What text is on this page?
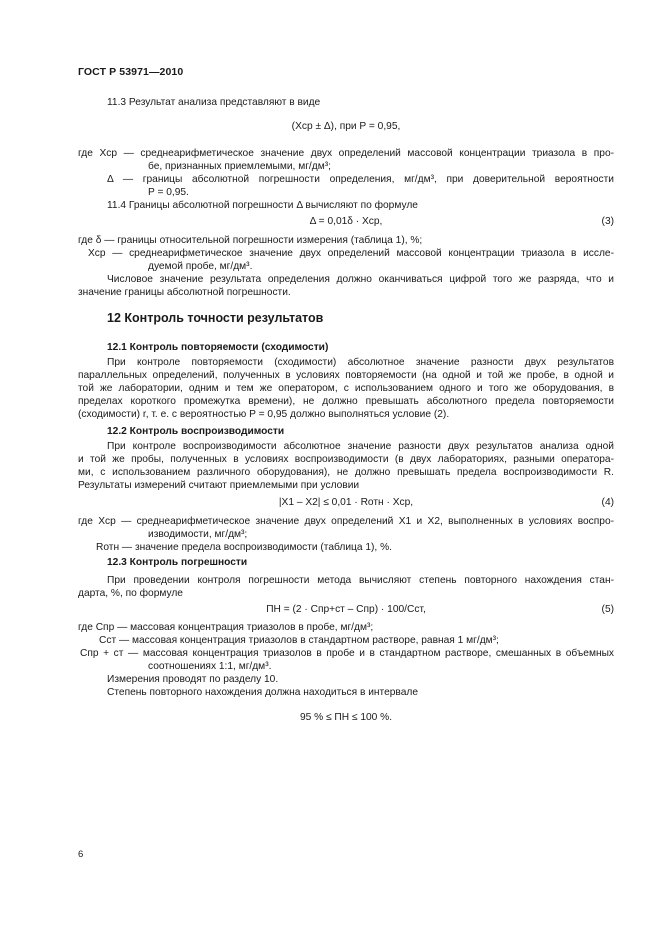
ГОСТ Р 53971—2010
11.3 Результат анализа представляют в виде
(Xср ± Δ), при P = 0,95,
где Xср — среднеарифметическое значение двух определений массовой концентрации триазола в про-
бе, признанных приемлемыми, мг/дм³;
Δ — границы абсолютной погрешности определения, мг/дм³, при доверительной вероятности
P = 0,95.
11.4 Границы абсолютной погрешности Δ вычисляют по формуле
Δ = 0,01δ · Xср,	(3)
где δ — границы относительной погрешности измерения (таблица 1), %;
Xср — среднеарифметическое значение двух определений массовой концентрации триазола в иссле-
дуемой пробе, мг/дм³.
Числовое значение результата определения должно оканчиваться цифрой того же разряда, что и
значение границы абсолютной погрешности.
12 Контроль точности результатов
12.1 Контроль повторяемости (сходимости)
При контроле повторяемости (сходимости) абсолютное значение разности двух результатов
параллельных определений, полученных в условиях повторяемости (на одной и той же пробе, в одной и
той же лаборатории, одним и тем же оператором, с использованием одного и того же оборудования, в
пределах короткого промежутка времени), не должно превышать абсолютного предела повторяемости
(сходимости) r, т. е. с вероятностью P = 0,95 должно выполняться условие (2).
12.2 Контроль воспроизводимости
При контроле воспроизводимости абсолютное значение разности двух результатов анализа одной
и той же пробы, полученных в условиях воспроизводимости (в двух лабораториях, разными оператора-
ми, с использованием различного оборудования), не должно превышать предела воспроизводимости R.
Результаты измерений считают приемлемыми при условии
|X1 – X2| ≤ 0,01 · Rотн · Xср,	(4)
где Xср — среднеарифметическое значение двух определений X1 и X2, выполненных в условиях воспро-
изводимости, мг/дм³;
Rотн — значение предела воспроизводимости (таблица 1), %.
12.3 Контроль погрешности
При проведении контроля погрешности метода вычисляют степень повторного нахождения стан-
дарта, %, по формуле
ПН = (2 · Cпр+ст – Cпр) · 100/Cст,	(5)
где Cпр — массовая концентрация триазолов в пробе, мг/дм³;
Cст — массовая концентрация триазолов в стандартном растворе, равная 1 мг/дм³;
Cпр + ст — массовая концентрация триазолов в пробе и в стандартном растворе, смешанных в объемных
соотношениях 1:1, мг/дм³.
Измерения проводят по разделу 10.
Степень повторного нахождения должна находиться в интервале
95 % ≤ ПН ≤ 100 %.
6
